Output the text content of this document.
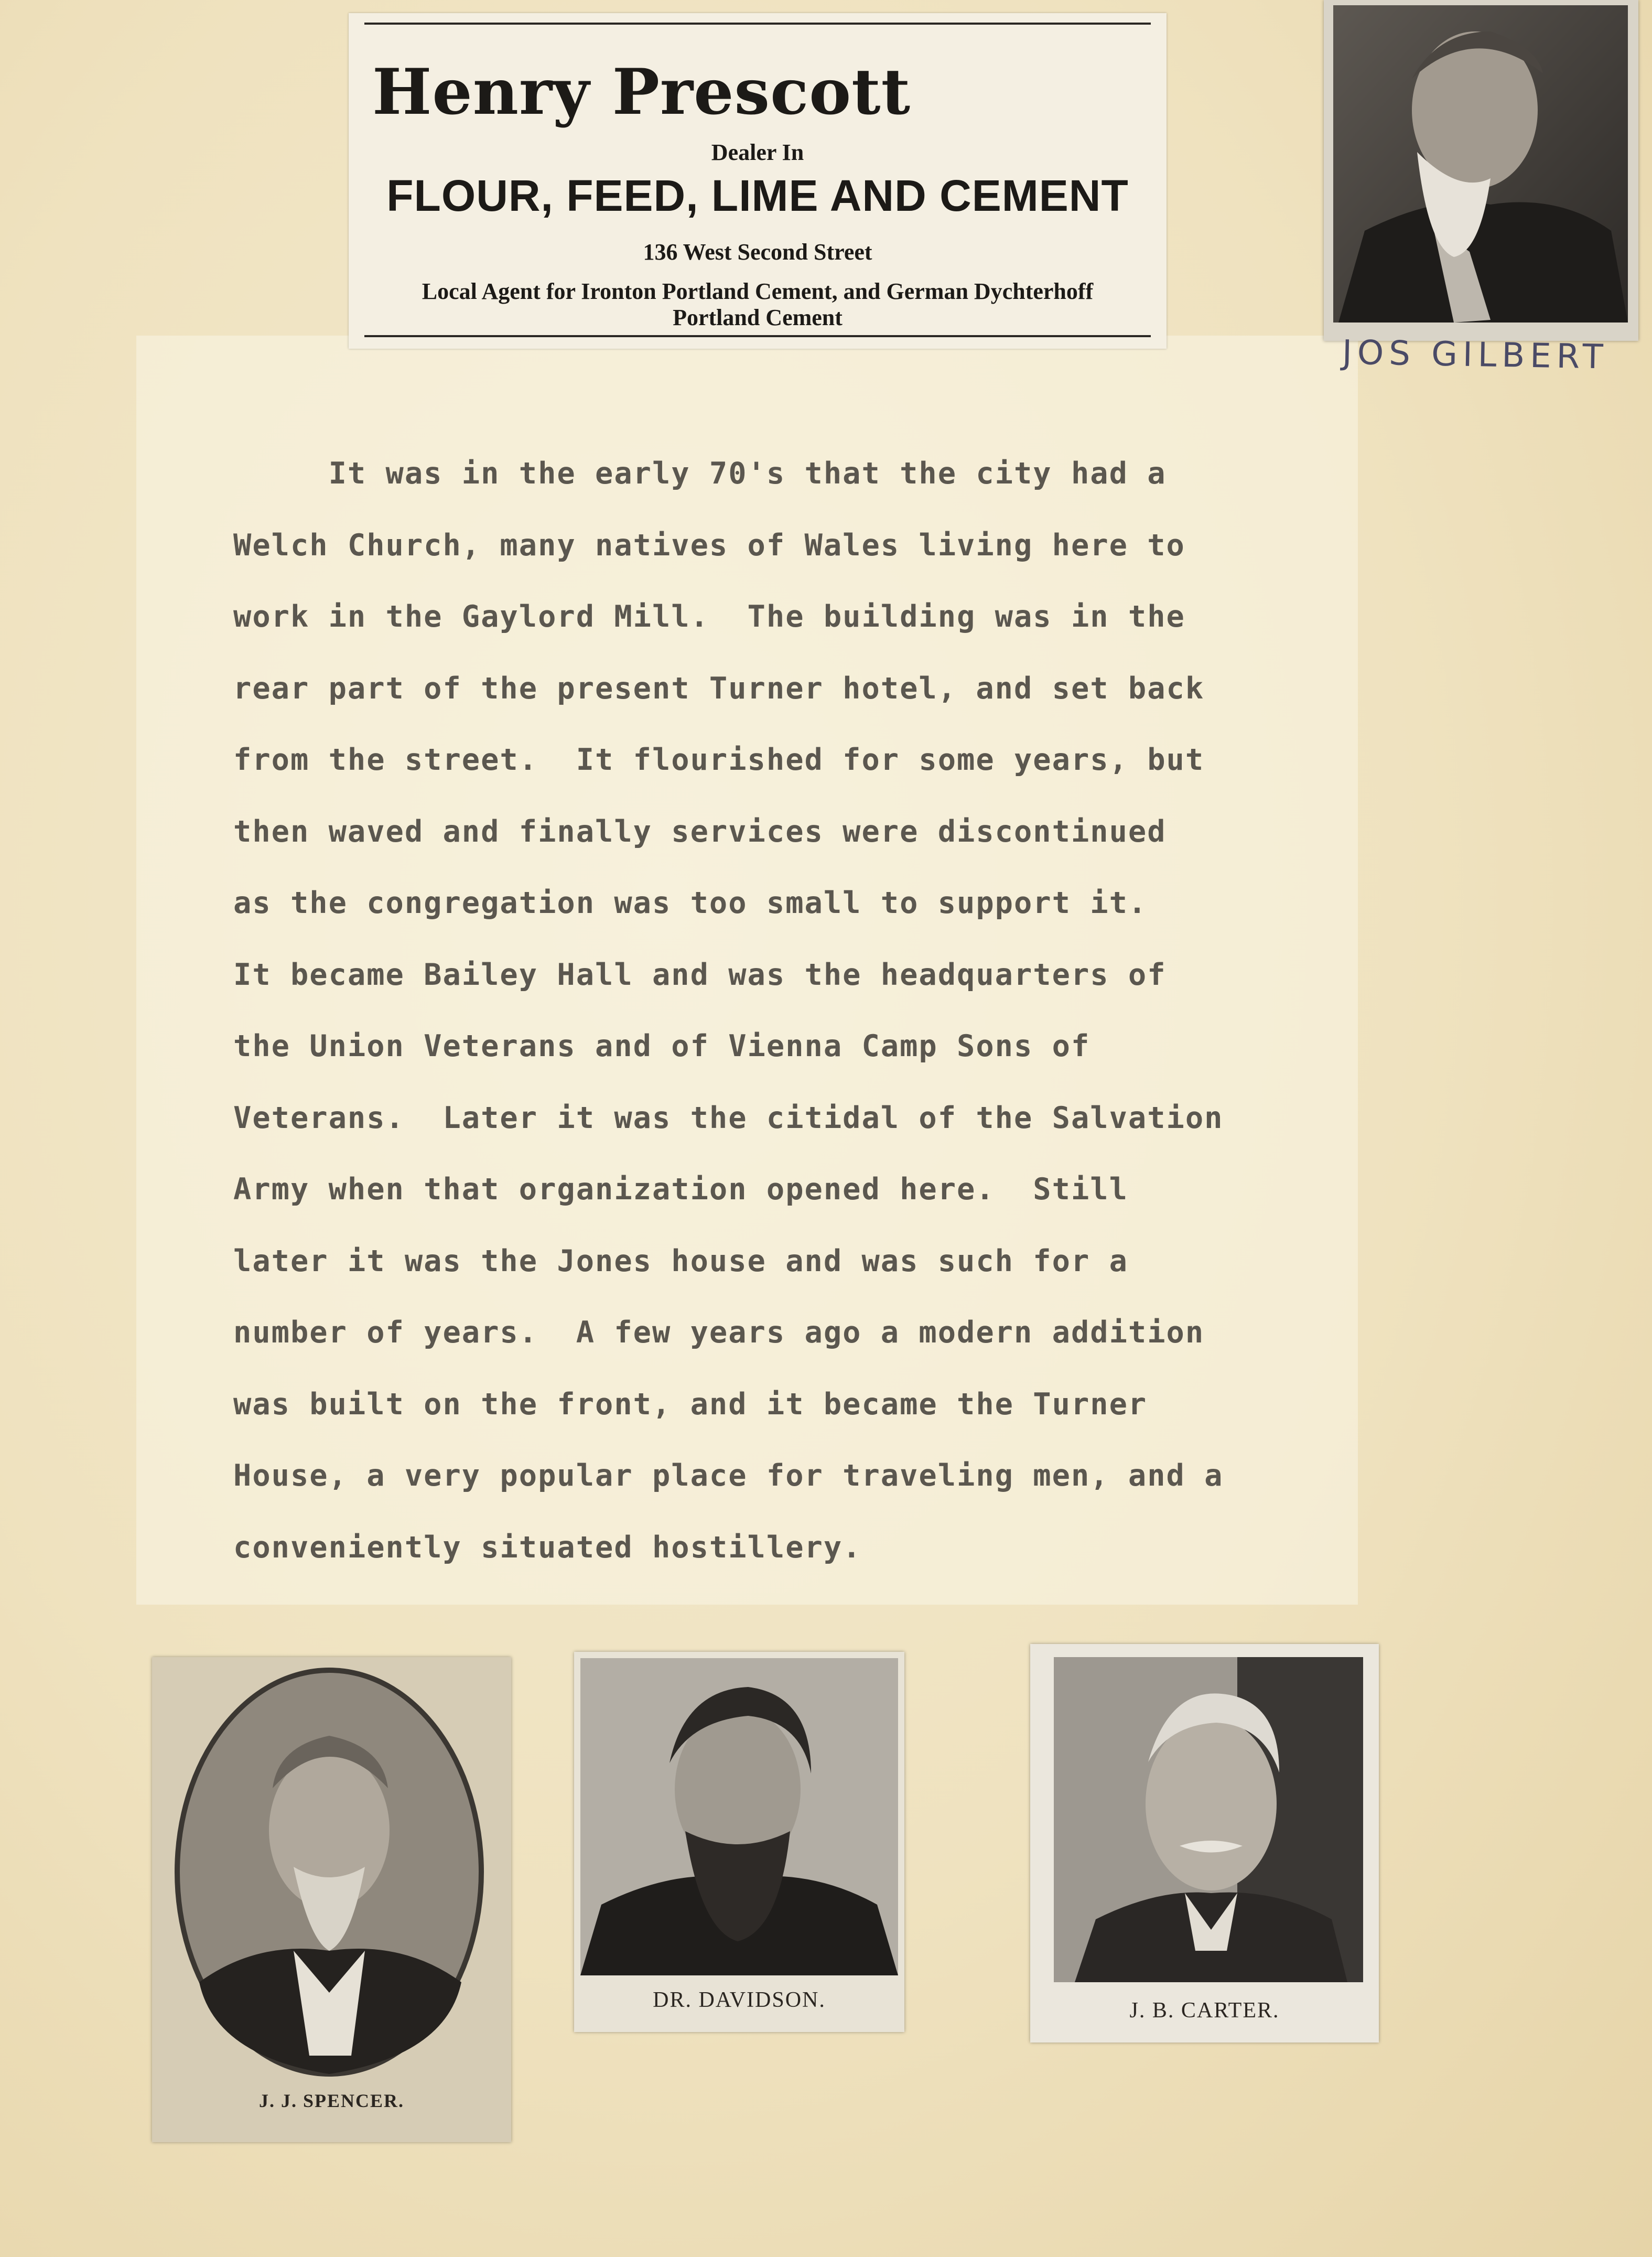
Henry Prescott
Dealer In
FLOUR, FEED, LIME AND CEMENT
136 West Second Street
Local Agent for Ironton Portland Cement, and German Dychterhoff
Portland Cement
JOS GILBERT
It was in the early 70's that the city had a
Welch Church, many natives of Wales living here to
work in the Gaylord Mill.  The building was in the
rear part of the present Turner hotel, and set back
from the street.  It flourished for some years, but
then waved and finally services were discontinued
as the congregation was too small to support it.
It became Bailey Hall and was the headquarters of
the Union Veterans and of Vienna Camp Sons of
Veterans.  Later it was the citidal of the Salvation
Army when that organization opened here.  Still
later it was the Jones house and was such for a
number of years.  A few years ago a modern addition
was built on the front, and it became the Turner
House, a very popular place for traveling men, and a
conveniently situated hostillery.
J. J. SPENCER.
DR. DAVIDSON.	J. B. CARTER.
